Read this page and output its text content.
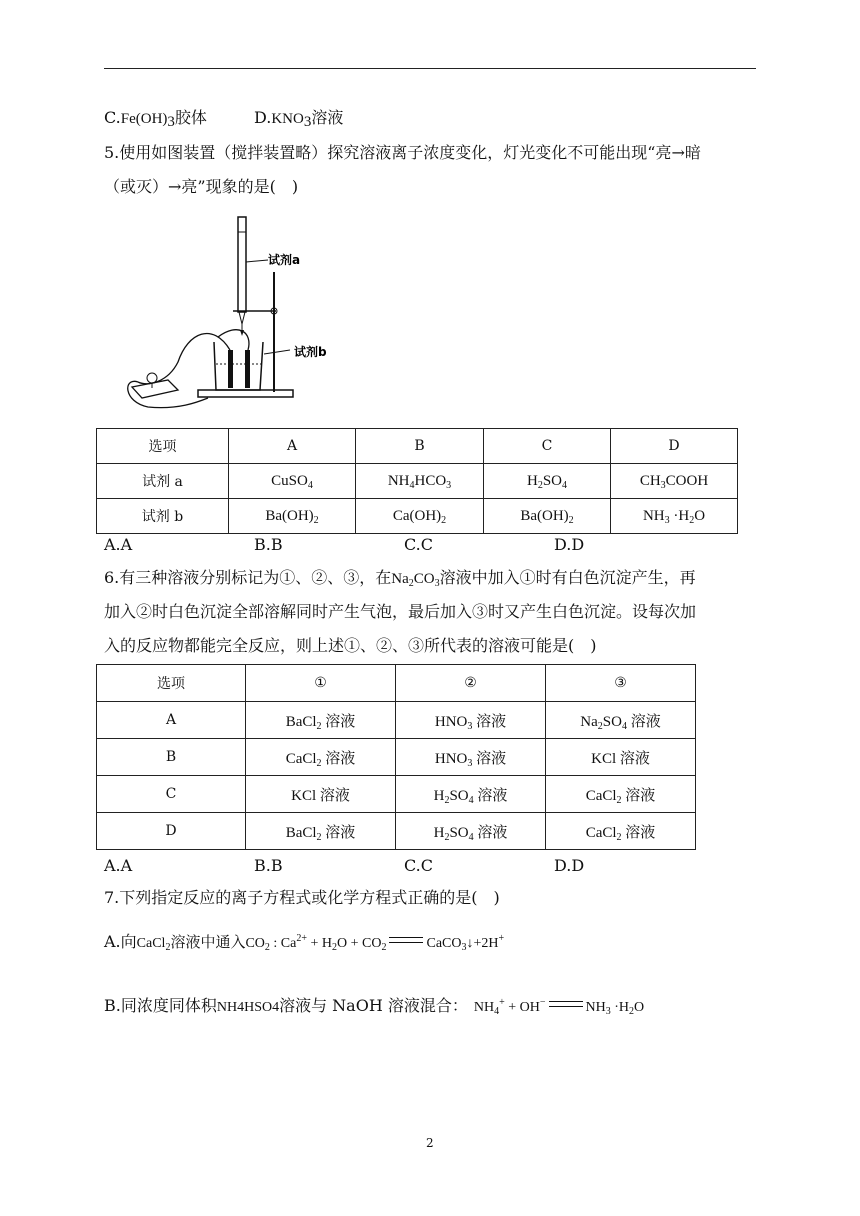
$C.Fe(OH)_3$胶体	$D.KNO_3$溶液
5.使用如图装置（搅拌装置略）探究溶液离子浓度变化，灯光变化不可能出现“亮→暗
（或灭）→亮”现象的是(　)
试剂a
试剂b
选项	A	B	C	D
试剂 a	CuSO$_4$	$NH_4HCO_3$	$H_2SO_4$	$CH_3COOH$
试剂 b	$Ba(OH)_2$	$Ca(OH)_2$	$Ba(OH)_2$	$NH_3 \cdot H_2O$
A.A	B.B	C.C	D.D
6.有三种溶液分别标记为①、②、③，在$Na_2CO_3$溶液中加入①时有白色沉淀产生，再
加入②时白色沉淀全部溶解同时产生气泡，最后加入③时又产生白色沉淀。设每次加
入的反应物都能完全反应，则上述①、②、③所代表的溶液可能是(　)
选项	①	②	③
A	BaCl$_2$ 溶液	$HNO_3$ 溶液	$Na_2SO_4$ 溶液
B	CaCl$_2$ 溶液	$HNO_3$ 溶液	KCl 溶液
C	KCl 溶液	$H_2SO_4$ 溶液	CaCl$_2$ 溶液
D	BaCl$_2$ 溶液	$H_2SO_4$ 溶液	CaCl$_2$ 溶液
A.A	B.B	C.C	D.D
7.下列指定反应的离子方程式或化学方程式正确的是(　)
A.向CaCl$_2$溶液中通入$CO_2$ : $Ca^{2+} + H_2O + CO_2$	CaCO$_3$↓+2H+
B.同浓度同体积NH4HSO4溶液与 NaOH 溶液混合： $NH_4^+ + OH^-$	$NH_3 \cdot H_2O$
2
